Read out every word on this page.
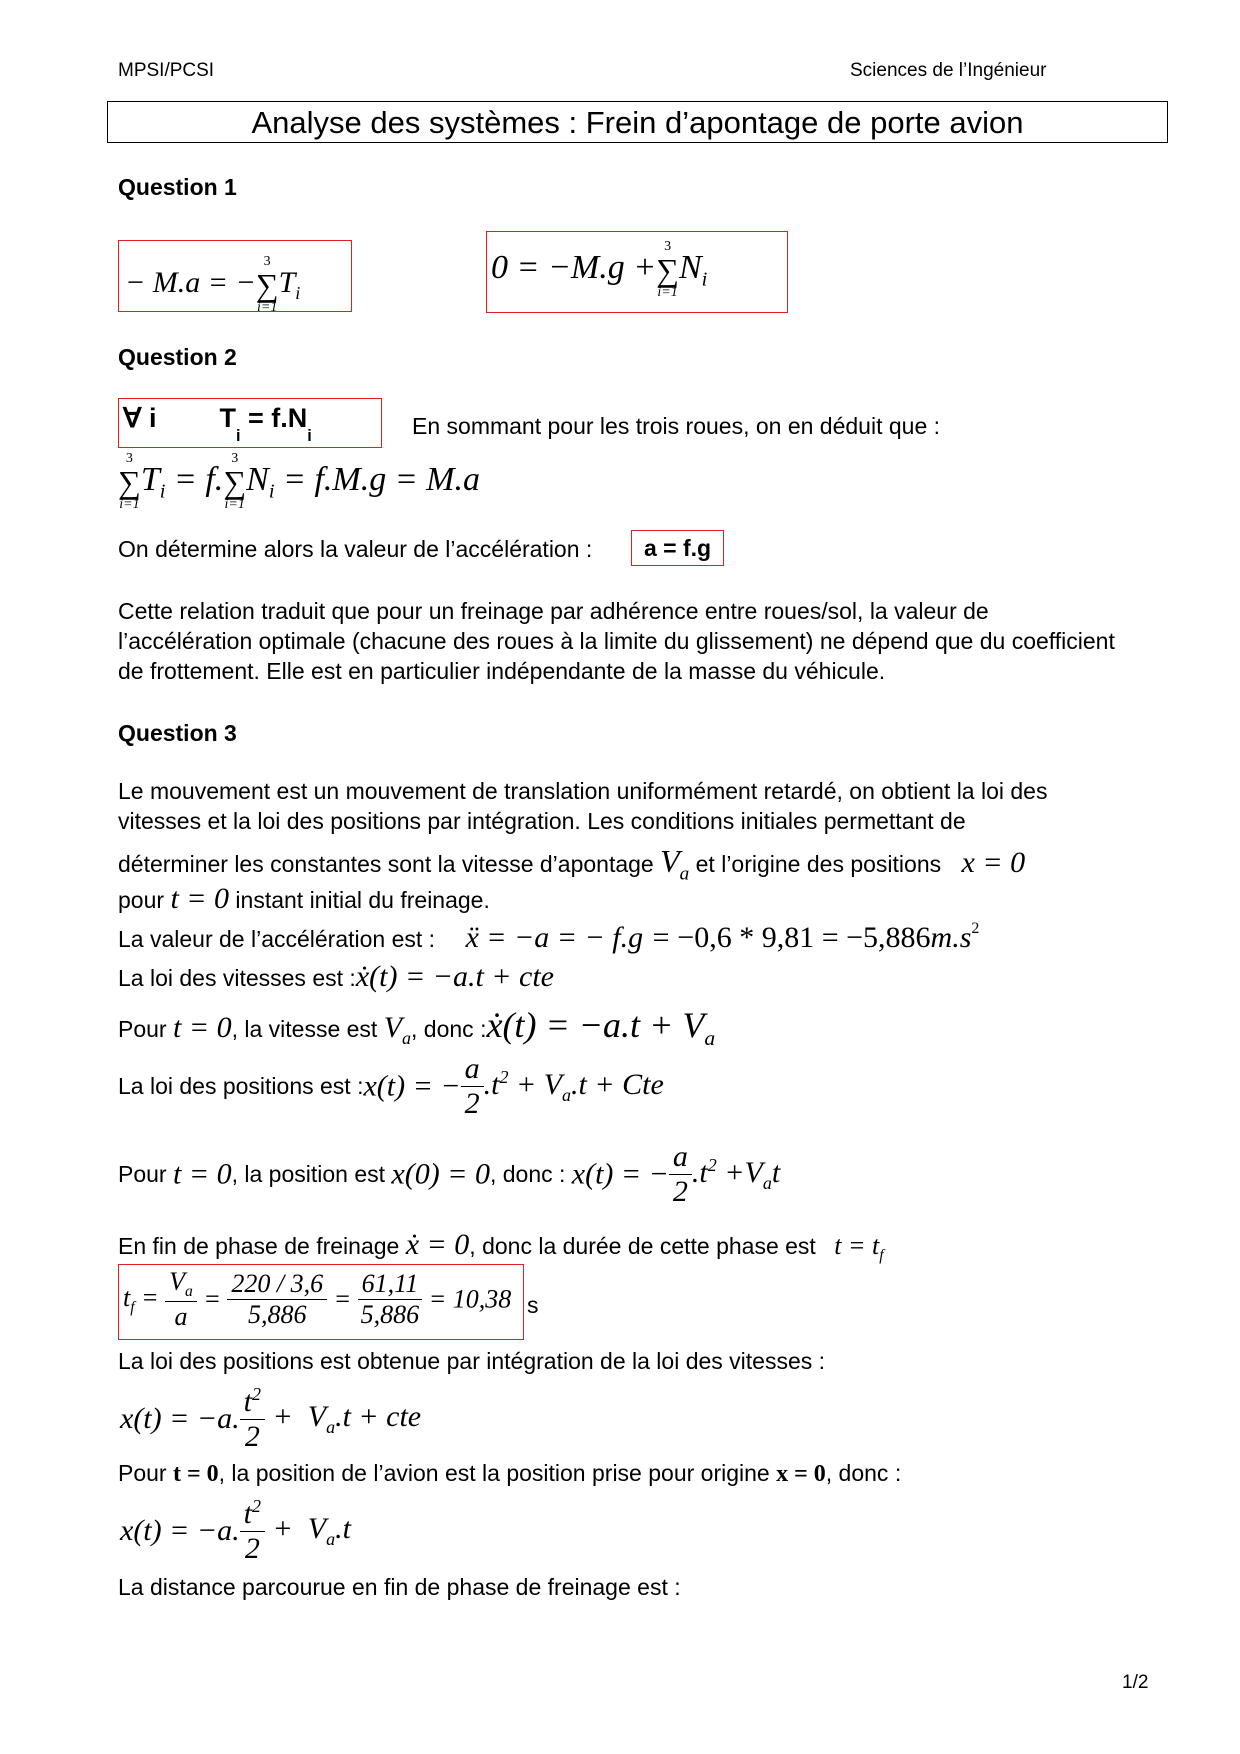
MPSI/PCSI	Sciences de l’Ingénieur
Analyse des systèmes : Frein d’apontage de porte avion
Question 1
− M.a = −
3
∑
i=1
$T_i$
0 = −M.g +
3
∑
i=1
$N_i$
Question 2
∀ i $T_i = f.N_i$	En sommant pour les trois roues, on en déduit que :
3
∑
i=1
$T_i = f$.
3
∑
i=1
$N_i = f.M.g = M.a$
On détermine alors la valeur de l’accélération :	a = f.g
Cette relation traduit que pour un freinage par adhérence entre roues/sol, la valeur de l’accélération optimale (chacune des roues à la limite du glissement) ne dépend que du coefficient de frottement. Elle est en particulier indépendante de la masse du véhicule.
Question 3
Le mouvement est un mouvement de translation uniformément retardé, on obtient la loi des vitesses et la loi des positions par intégration. Les conditions initiales permettant de
déterminer les constantes sont la vitesse d’apontage $V_a$ et l’origine des positions x = 0
pour t = 0 instant initial du freinage.
La valeur de l’accélération est : ẍ = −a = − $f.g = -0,6 * 9,81 = -5,886m.s^2$
La loi des vitesses est :ẋ(t) = −a.t + cte
Pour t = 0, la vitesse est $V_a$, donc :ẋ(t) = $-a.t + V_a$
La loi des positions est :x(t) = − $\frac{a}{2} .t^2 + V_a.t$ + Cte
Pour t = 0, la position est x(0) = 0, donc : x(t) = − $\frac{a}{2} .t^2 +V_at$
En fin de phase de freinage ẋ = 0, donc la durée de cette phase est $t = t_f$
$t_f = \frac{V_a}{a} = \frac{220 / 3,6}{5,886} = \frac{61,11}{5,886} = 10,38$ s
La loi des positions est obtenue par intégration de la loi des vitesses :
x(t) = −a. $\frac{t^2}{2} + V_a.t$ + cte
Pour t = 0, la position de l’avion est la position prise pour origine x = 0, donc :
x(t) = −a. $\frac{t^2}{2} + V_a.t$
La distance parcourue en fin de phase de freinage est :
1/2
